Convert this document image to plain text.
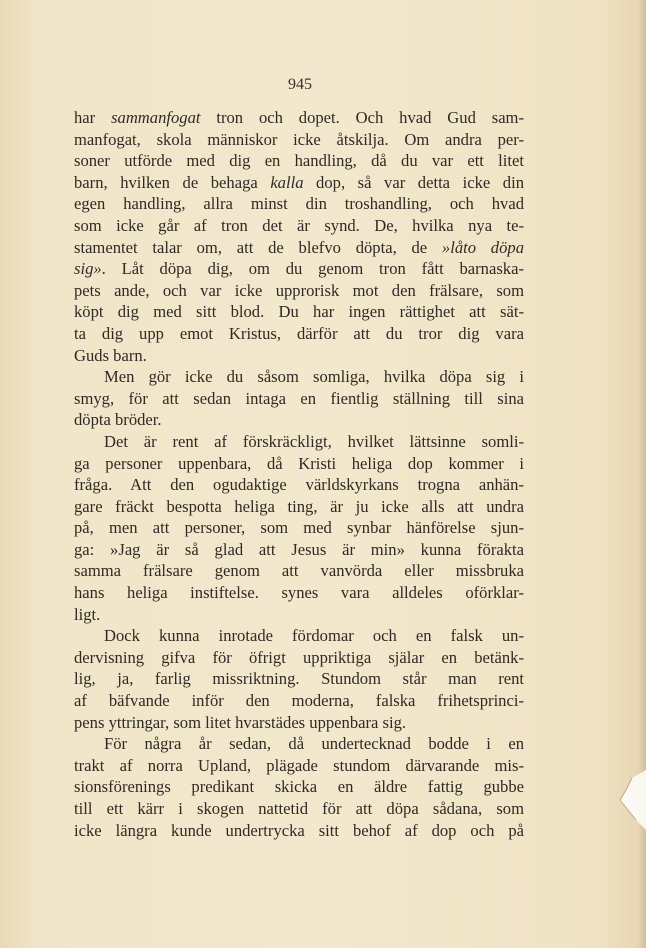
945
har sammanfogat tron och dopet. Och hvad Gud sam-
manfogat, skola människor icke åtskilja. Om andra per-
soner utförde med dig en handling, då du var ett litet
barn, hvilken de behaga kalla dop, så var detta icke din
egen handling, allra minst din troshandling, och hvad
som icke går af tron det är synd. De, hvilka nya te-
stamentet talar om, att de blefvo döpta, de »låto döpa
sig». Låt döpa dig, om du genom tron fått barnaska-
pets ande, och var icke upprorisk mot den frälsare, som
köpt dig med sitt blod. Du har ingen rättighet att sät-
ta dig upp emot Kristus, därför att du tror dig vara
Guds barn.
Men gör icke du såsom somliga, hvilka döpa sig i
smyg, för att sedan intaga en fientlig ställning till sina
döpta bröder.
Det är rent af förskräckligt, hvilket lättsinne somli-
ga personer uppenbara, då Kristi heliga dop kommer i
fråga. Att den ogudaktige världskyrkans trogna anhän-
gare fräckt bespotta heliga ting, är ju icke alls att undra
på, men att personer, som med synbar hänförelse sjun-
ga: »Jag är så glad att Jesus är min» kunna förakta
samma frälsare genom att vanvörda eller missbruka
hans heliga instiftelse. synes vara alldeles oförklar-
ligt.
Dock kunna inrotade fördomar och en falsk un-
dervisning gifva för öfrigt uppriktiga själar en betänk-
lig, ja, farlig missriktning. Stundom står man rent
af bäfvande inför den moderna, falska frihetsprinci-
pens yttringar, som litet hvarstädes uppenbara sig.
För några år sedan, då undertecknad bodde i en
trakt af norra Upland, plägade stundom därvarande mis-
sionsförenings predikant skicka en äldre fattig gubbe
till ett kärr i skogen nattetid för att döpa sådana, som
icke längra kunde undertrycka sitt behof af dop och på
